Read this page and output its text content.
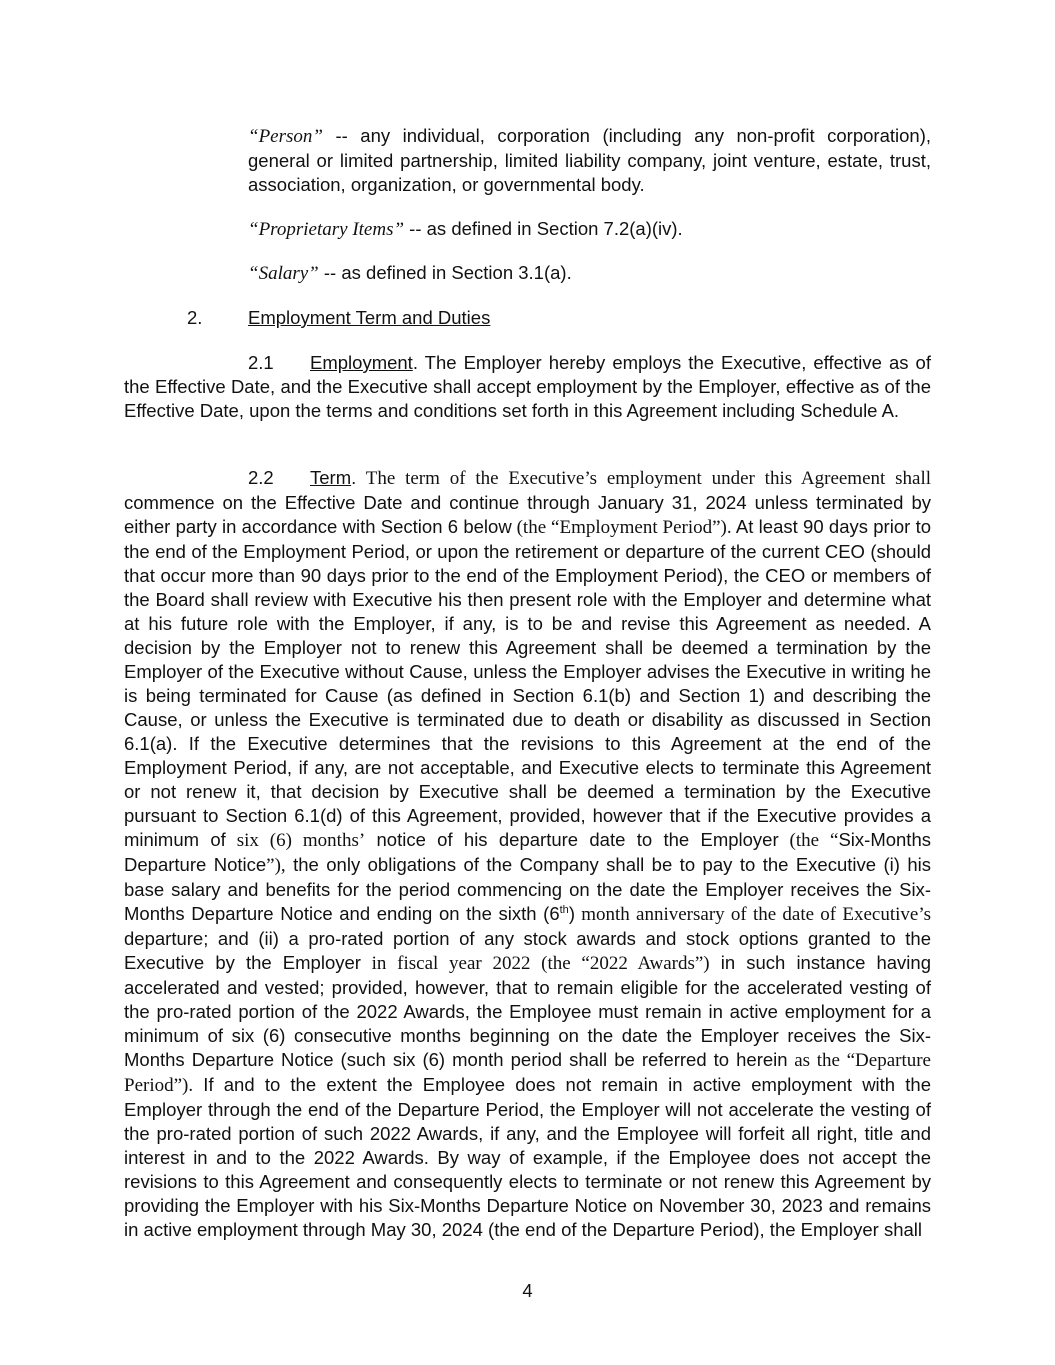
“Person” -- any individual, corporation (including any non-profit corporation), general or limited partnership, limited liability company, joint venture, estate, trust, association, organization, or governmental body.

“Proprietary Items” -- as defined in Section 7.2(a)(iv).

“Salary” -- as defined in Section 3.1(a).

2. Employment Term and Duties

2.1 Employment. The Employer hereby employs the Executive, effective as of the Effective Date, and the Executive shall accept employment by the Employer, effective as of the Effective Date, upon the terms and conditions set forth in this Agreement including Schedule A.

2.2 Term. The term of the Executive’s employment under this Agreement shall commence on the Effective Date and continue through January 31, 2024 unless terminated by either party in accordance with Section 6 below (the “Employment Period”). At least 90 days prior to the end of the Employment Period, or upon the retirement or departure of the current CEO (should that occur more than 90 days prior to the end of the Employment Period), the CEO or members of the Board shall review with Executive his then present role with the Employer and determine what at his future role with the Employer, if any, is to be and revise this Agreement as needed. A decision by the Employer not to renew this Agreement shall be deemed a termination by the Employer of the Executive without Cause, unless the Employer advises the Executive in writing he is being terminated for Cause (as defined in Section 6.1(b) and Section 1) and describing the Cause, or unless the Executive is terminated due to death or disability as discussed in Section 6.1(a). If the Executive determines that the revisions to this Agreement at the end of the Employment Period, if any, are not acceptable, and Executive elects to terminate this Agreement or not renew it, that decision by Executive shall be deemed a termination by the Executive pursuant to Section 6.1(d) of this Agreement, provided, however that if the Executive provides a minimum of six (6) months’ notice of his departure date to the Employer (the “Six-Months Departure Notice”), the only obligations of the Company shall be to pay to the Executive (i) his base salary and benefits for the period commencing on the date the Employer receives the Six-Months Departure Notice and ending on the sixth (6th) month anniversary of the date of Executive’s departure; and (ii) a pro-rated portion of any stock awards and stock options granted to the Executive by the Employer in fiscal year 2022 (the “2022 Awards”) in such instance having accelerated and vested; provided, however, that to remain eligible for the accelerated vesting of the pro-rated portion of the 2022 Awards, the Employee must remain in active employment for a minimum of six (6) consecutive months beginning on the date the Employer receives the Six-Months Departure Notice (such six (6) month period shall be referred to herein as the “Departure Period”). If and to the extent the Employee does not remain in active employment with the Employer through the end of the Departure Period, the Employer will not accelerate the vesting of the pro-rated portion of such 2022 Awards, if any, and the Employee will forfeit all right, title and interest in and to the 2022 Awards. By way of example, if the Employee does not accept the revisions to this Agreement and consequently elects to terminate or not renew this Agreement by providing the Employer with his Six-Months Departure Notice on November 30, 2023 and remains in active employment through May 30, 2024 (the end of the Departure Period), the Employer shall

4
